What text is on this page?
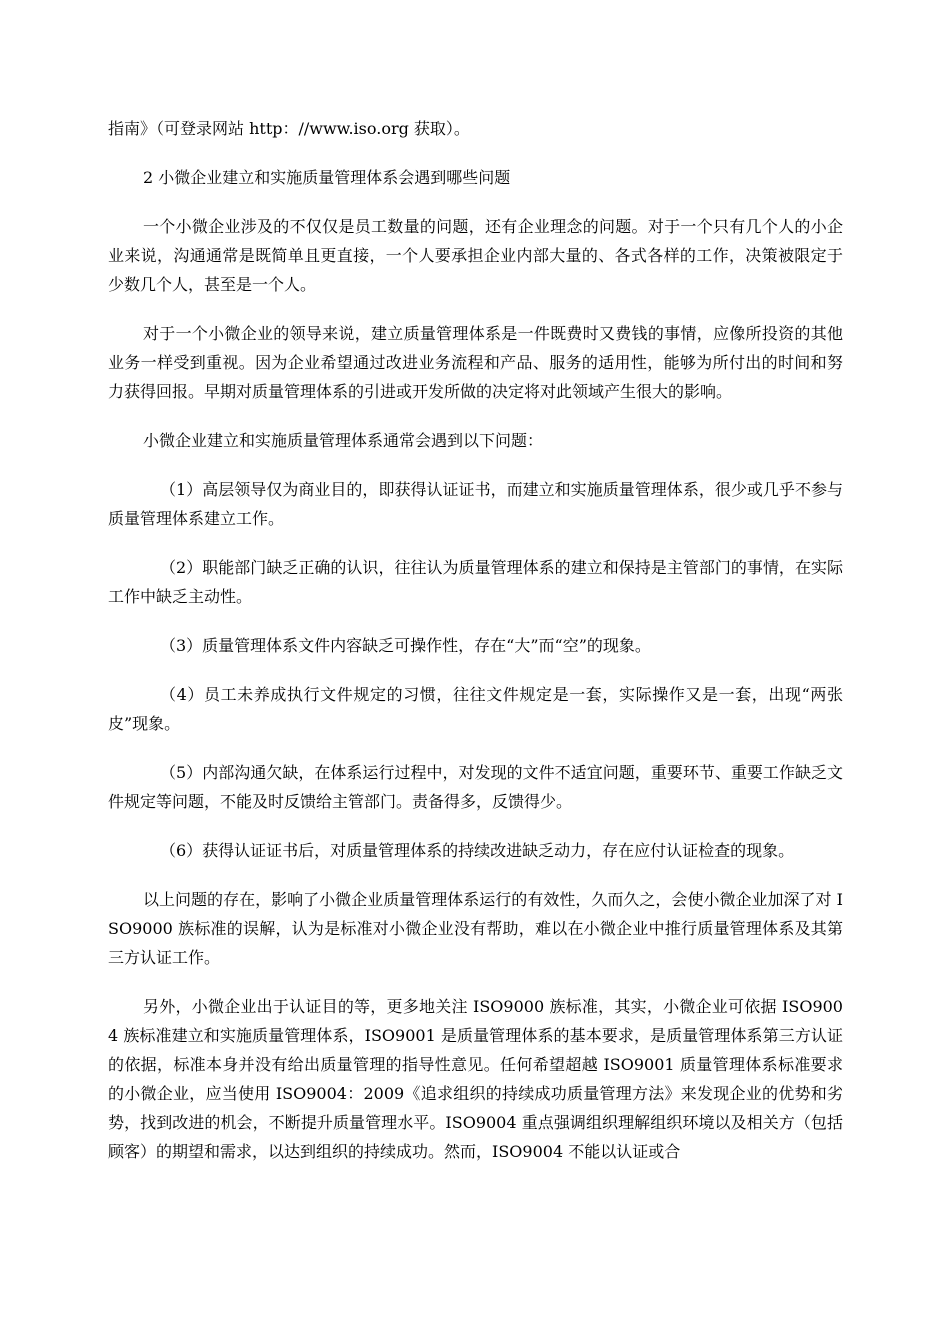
指南》（可登录网站 http：//www.iso.org 获取）。

2 小微企业建立和实施质量管理体系会遇到哪些问题

一个小微企业涉及的不仅仅是员工数量的问题，还有企业理念的问题。对于一个只有几个人的小企业来说，沟通通常是既简单且更直接，一个人要承担企业内部大量的、各式各样的工作，决策被限定于少数几个人，甚至是一个人。

对于一个小微企业的领导来说，建立质量管理体系是一件既费时又费钱的事情，应像所投资的其他业务一样受到重视。因为企业希望通过改进业务流程和产品、服务的适用性，能够为所付出的时间和努力获得回报。早期对质量管理体系的引进或开发所做的决定将对此领域产生很大的影响。

小微企业建立和实施质量管理体系通常会遇到以下问题：

（1）高层领导仅为商业目的，即获得认证证书，而建立和实施质量管理体系，很少或几乎不参与质量管理体系建立工作。

（2）职能部门缺乏正确的认识，往往认为质量管理体系的建立和保持是主管部门的事情，在实际工作中缺乏主动性。

（3）质量管理体系文件内容缺乏可操作性，存在“大”而“空”的现象。

（4）员工未养成执行文件规定的习惯，往往文件规定是一套，实际操作又是一套，出现“两张皮”现象。

（5）内部沟通欠缺，在体系运行过程中，对发现的文件不适宜问题，重要环节、重要工作缺乏文件规定等问题，不能及时反馈给主管部门。责备得多，反馈得少。

（6）获得认证证书后，对质量管理体系的持续改进缺乏动力，存在应付认证检查的现象。

以上问题的存在，影响了小微企业质量管理体系运行的有效性，久而久之，会使小微企业加深了对 ISO9000 族标准的误解，认为是标准对小微企业没有帮助，难以在小微企业中推行质量管理体系及其第三方认证工作。

另外，小微企业出于认证目的等，更多地关注 ISO9000 族标准，其实，小微企业可依据 ISO9004 族标准建立和实施质量管理体系，ISO9001 是质量管理体系的基本要求，是质量管理体系第三方认证的依据，标准本身并没有给出质量管理的指导性意见。任何希望超越 ISO9001 质量管理体系标准要求的小微企业，应当使用 ISO9004：2009《追求组织的持续成功质量管理方法》来发现企业的优势和劣势，找到改进的机会，不断提升质量管理水平。ISO9004 重点强调组织理解组织环境以及相关方（包括顾客）的期望和需求，以达到组织的持续成功。然而，ISO9004 不能以认证或合
